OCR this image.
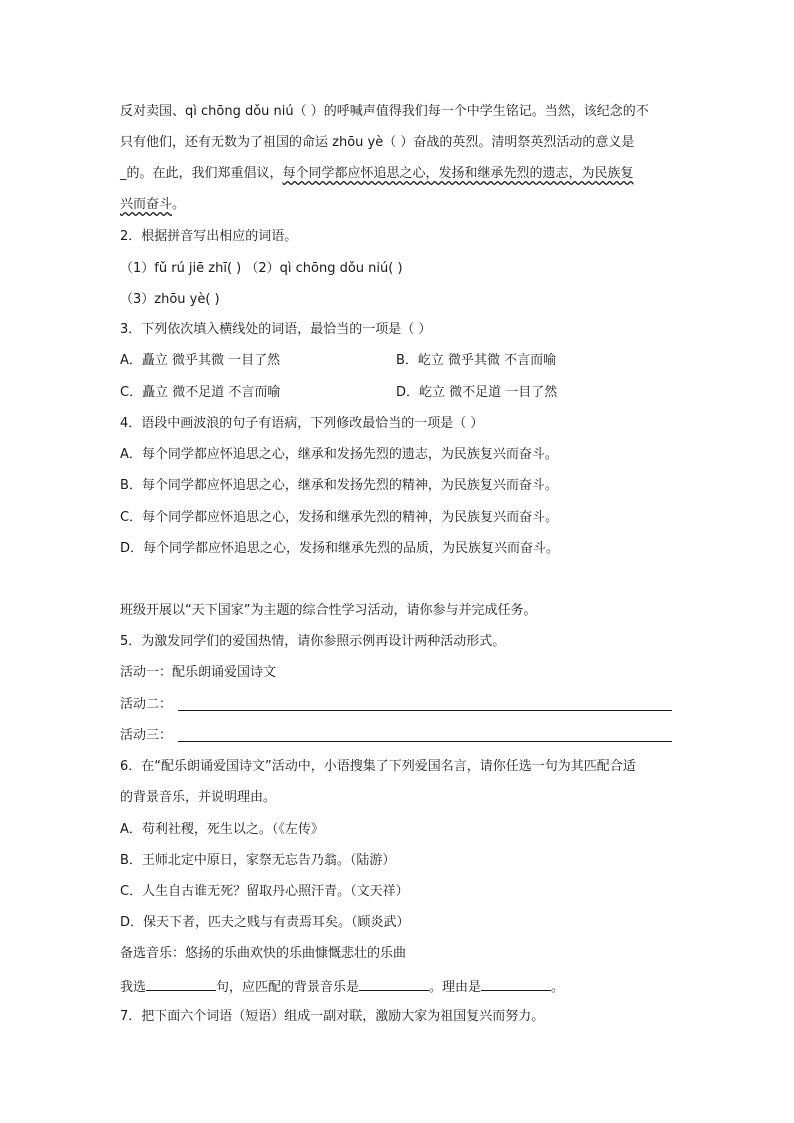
反对卖国、qì chōng dǒu niú（ ）的呼喊声值得我们每一个中学生铭记。当然，该纪念的不
只有他们，还有无数为了祖国的命运 zhōu yè（ ）奋战的英烈。清明祭英烈活动的意义是
_的。在此，我们郑重倡议，每个同学都应怀追思之心，发扬和继承先烈的遗志，为民族复
兴而奋斗。
2．根据拼音写出相应的词语。
（1）fǔ rú jiē zhī( ) （2）qì chōng dǒu niú( )
（3）zhōu yè( )
3．下列依次填入横线处的词语，最恰当的一项是（ ）
A．矗立 微乎其微 一目了然	B．屹立 微乎其微 不言而喻
C．矗立 微不足道 不言而喻	D．屹立 微不足道 一目了然
4．语段中画波浪的句子有语病，下列修改最恰当的一项是（ ）
A．每个同学都应怀追思之心，继承和发扬先烈的遗志，为民族复兴而奋斗。
B．每个同学都应怀追思之心，继承和发扬先烈的精神，为民族复兴而奋斗。
C．每个同学都应怀追思之心，发扬和继承先烈的精神，为民族复兴而奋斗。
D．每个同学都应怀追思之心，发扬和继承先烈的品质，为民族复兴而奋斗。
班级开展以“天下国家”为主题的综合性学习活动，请你参与并完成任务。
5．为激发同学们的爱国热情，请你参照示例再设计两种活动形式。
活动一：配乐朗诵爱国诗文
活动二：
活动三：
6．在“配乐朗诵爱国诗文”活动中，小语搜集了下列爱国名言，请你任选一句为其匹配合适
的背景音乐，并说明理由。
A．苟利社稷，死生以之。（《左传》
B．王师北定中原日，家祭无忘告乃翁。（陆游）
C．人生自古谁无死？留取丹心照汗青。（文天祥）
D．保天下者，匹夫之贱与有责焉耳矣。（顾炎武）
备选音乐：悠扬的乐曲欢快的乐曲慷慨悲壮的乐曲
我选	句，应匹配的背景音乐是	。理由是	。
7．把下面六个词语（短语）组成一副对联，激励大家为祖国复兴而努力。
